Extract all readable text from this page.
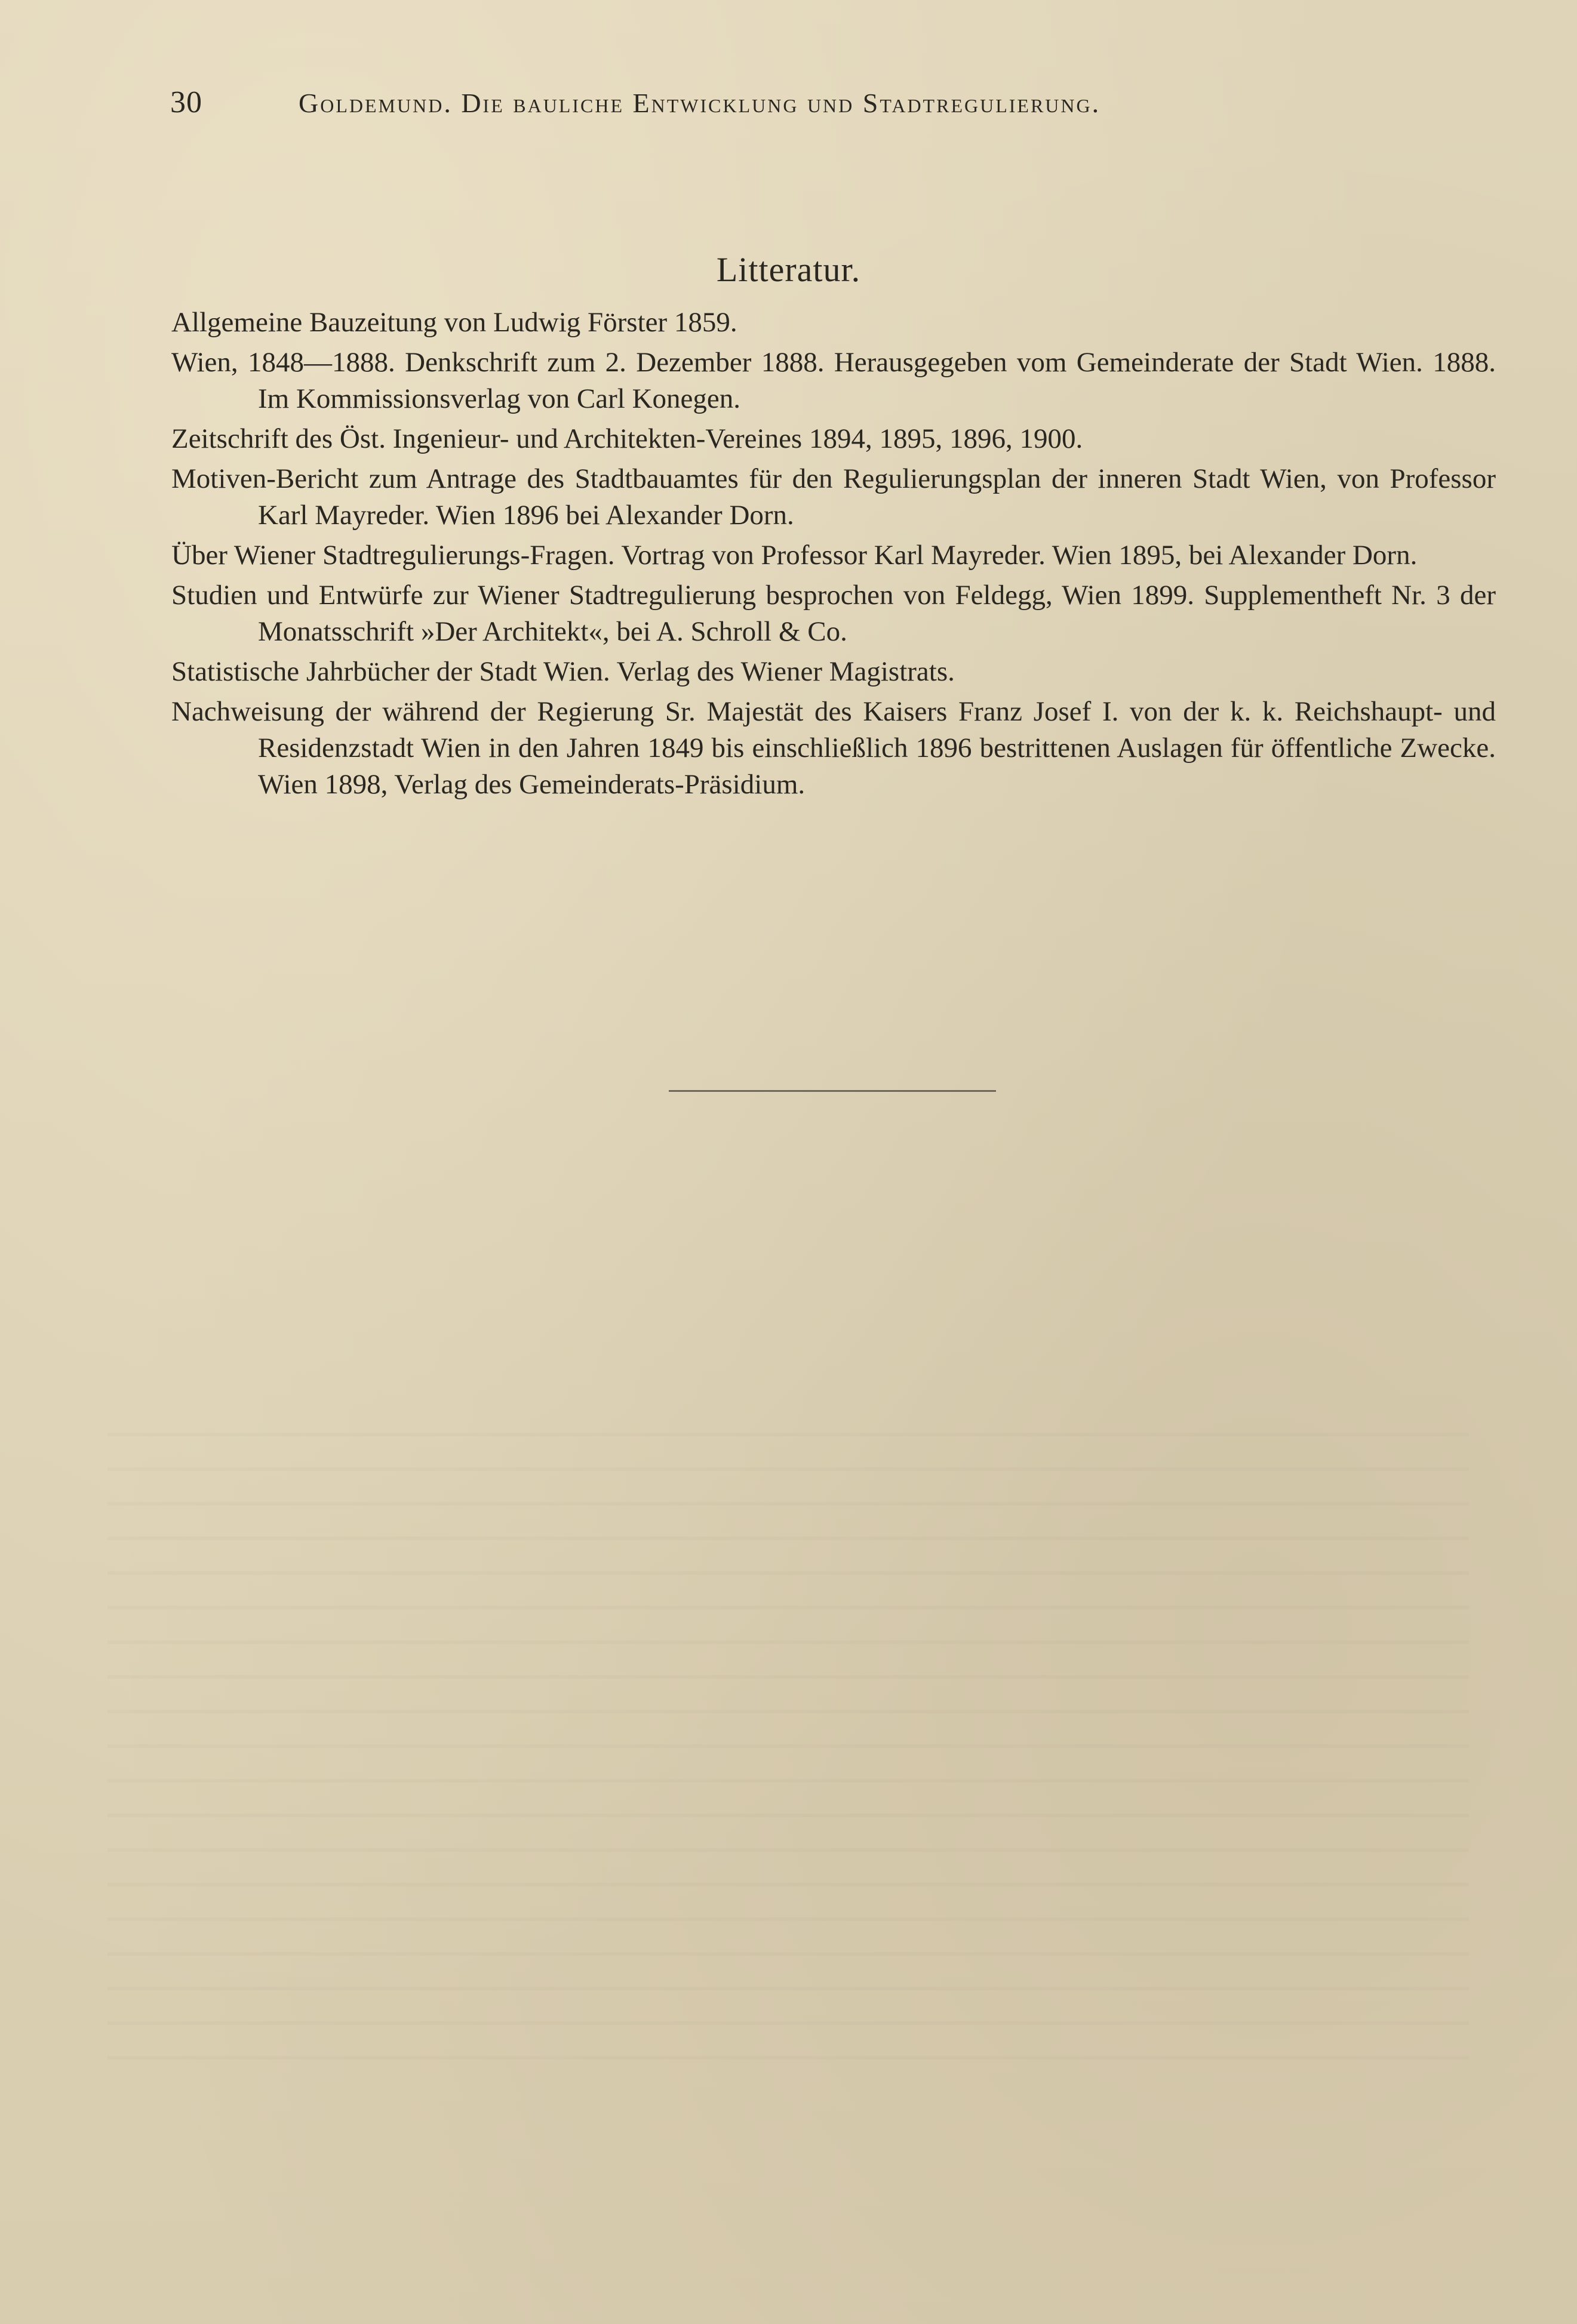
30	Goldemund. Die bauliche Entwicklung und Stadtregulierung.
Litteratur.
Allgemeine Bauzeitung von Ludwig Förster 1859.
Wien, 1848—1888. Denkschrift zum 2. Dezember 1888. Herausgegeben vom Gemeinderate der Stadt Wien. 1888. Im Kommissionsverlag von Carl Konegen.
Zeitschrift des Öst. Ingenieur- und Architekten-Vereines 1894, 1895, 1896, 1900.
Motiven-Bericht zum Antrage des Stadtbauamtes für den Regulierungsplan der inneren Stadt Wien, von Professor Karl Mayreder. Wien 1896 bei Alexander Dorn.
Über Wiener Stadtregulierungs-Fragen. Vortrag von Professor Karl Mayreder. Wien 1895, bei Alexander Dorn.
Studien und Entwürfe zur Wiener Stadtregulierung besprochen von Feldegg, Wien 1899. Supplementheft Nr. 3 der Monatsschrift »Der Architekt«, bei A. Schroll & Co.
Statistische Jahrbücher der Stadt Wien. Verlag des Wiener Magistrats.
Nachweisung der während der Regierung Sr. Majestät des Kaisers Franz Josef I. von der k. k. Reichshaupt- und Residenzstadt Wien in den Jahren 1849 bis einschließlich 1896 bestrittenen Auslagen für öffentliche Zwecke. Wien 1898, Verlag des Gemeinderats-Präsidium.
